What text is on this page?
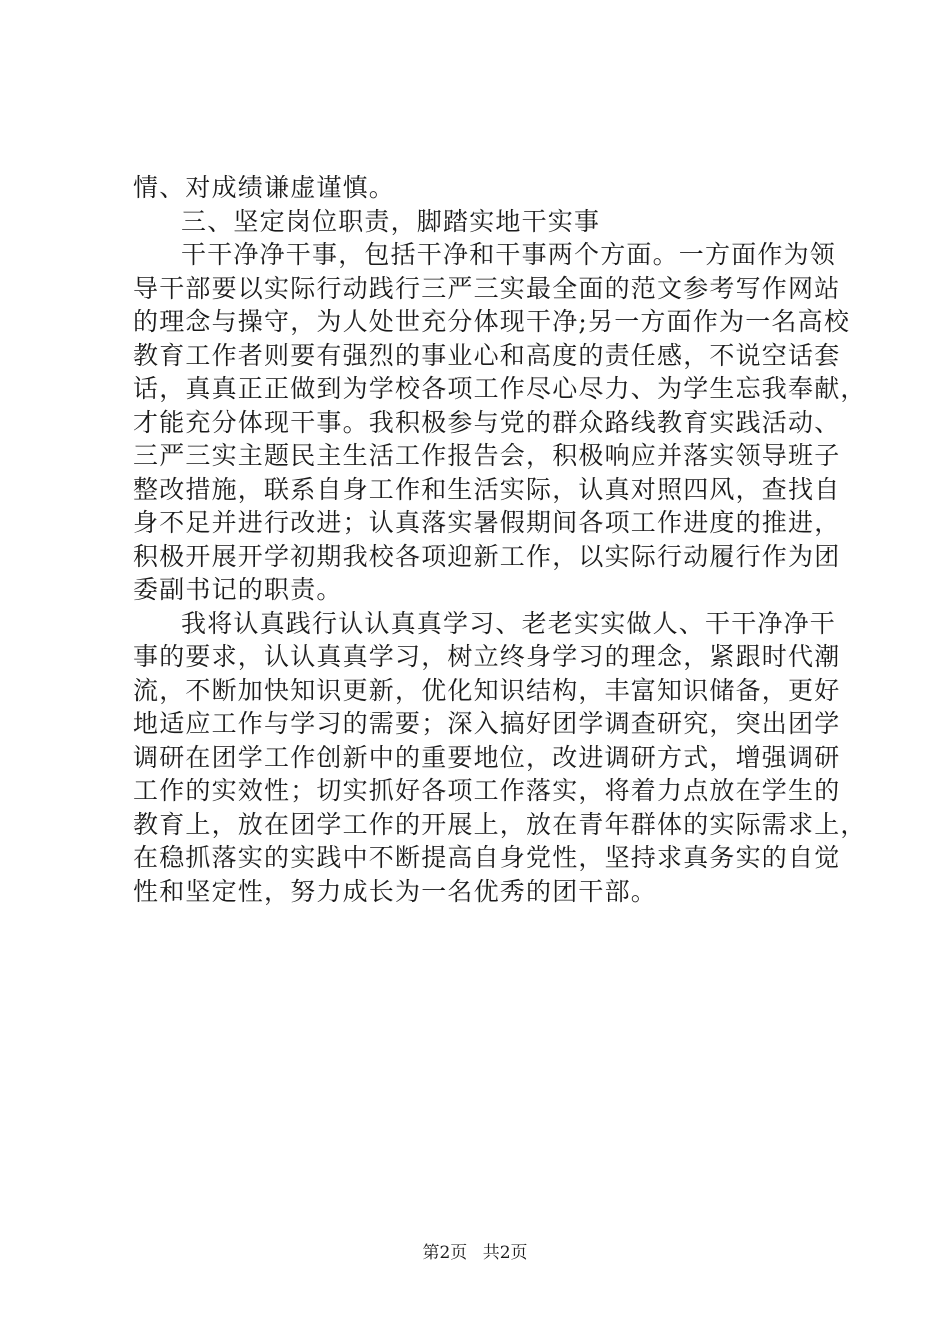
情、对成绩谦虚谨慎。
三、坚定岗位职责，脚踏实地干实事
干干净净干事，包括干净和干事两个方面。一方面作为领
导干部要以实际行动践行三严三实最全面的范文参考写作网站
的理念与操守，为人处世充分体现干净;另一方面作为一名高校
教育工作者则要有强烈的事业心和高度的责任感，不说空话套
话，真真正正做到为学校各项工作尽心尽力、为学生忘我奉献，
才能充分体现干事。我积极参与党的群众路线教育实践活动、
三严三实主题民主生活工作报告会，积极响应并落实领导班子
整改措施，联系自身工作和生活实际，认真对照四风，查找自
身不足并进行改进；认真落实暑假期间各项工作进度的推进，
积极开展开学初期我校各项迎新工作，以实际行动履行作为团
委副书记的职责。
我将认真践行认认真真学习、老老实实做人、干干净净干
事的要求，认认真真学习，树立终身学习的理念，紧跟时代潮
流，不断加快知识更新，优化知识结构，丰富知识储备，更好
地适应工作与学习的需要；深入搞好团学调查研究，突出团学
调研在团学工作创新中的重要地位，改进调研方式，增强调研
工作的实效性；切实抓好各项工作落实，将着力点放在学生的
教育上，放在团学工作的开展上，放在青年群体的实际需求上，
在稳抓落实的实践中不断提高自身党性，坚持求真务实的自觉
性和坚定性，努力成长为一名优秀的团干部。
第2页 共2页
